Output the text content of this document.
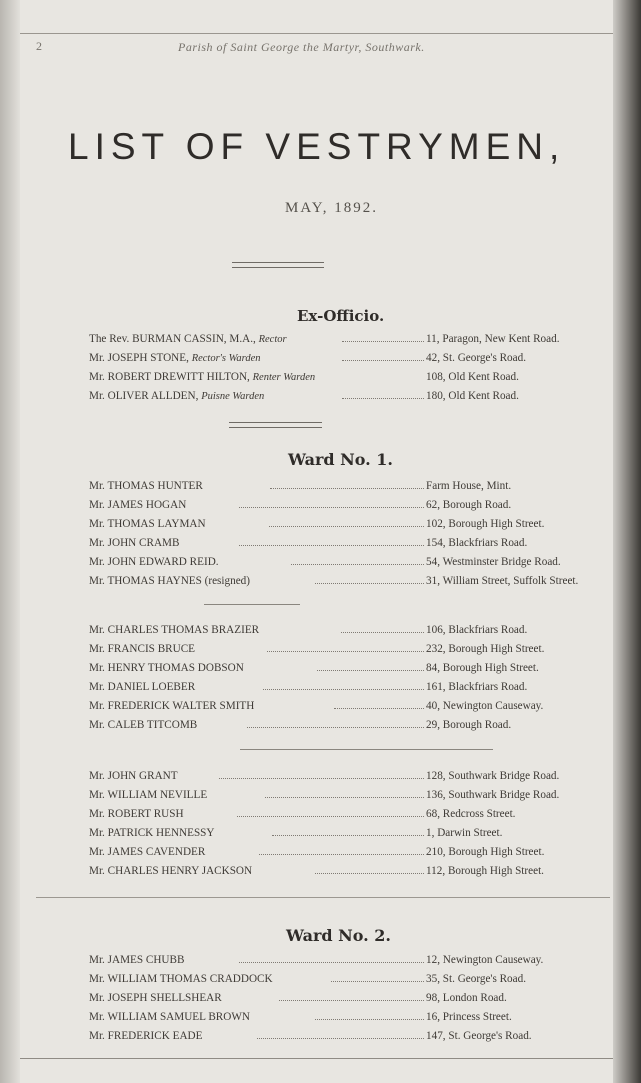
2	Parish of Saint George the Martyr, Southwark.
LIST OF VESTRYMEN,
MAY, 1892.
Ex-Officio.
The Rev. BURMAN CASSIN, M.A., Rector	11, Paragon, New Kent Road.
Mr. JOSEPH STONE, Rector's Warden	42, St. George's Road.
Mr. ROBERT DREWITT HILTON, Renter Warden	108, Old Kent Road.
Mr. OLIVER ALLDEN, Puisne Warden	180, Old Kent Road.
Ward No. 1.
Mr. THOMAS HUNTER	Farm House, Mint.
Mr. JAMES HOGAN	62, Borough Road.
Mr. THOMAS LAYMAN	102, Borough High Street.
Mr. JOHN CRAMB	154, Blackfriars Road.
Mr. JOHN EDWARD REID.	54, Westminster Bridge Road.
Mr. THOMAS HAYNES (resigned)	31, William Street, Suffolk Street.
Mr. CHARLES THOMAS BRAZIER	106, Blackfriars Road.
Mr. FRANCIS BRUCE	232, Borough High Street.
Mr. HENRY THOMAS DOBSON	84, Borough High Street.
Mr. DANIEL LOEBER	161, Blackfriars Road.
Mr. FREDERICK WALTER SMITH	40, Newington Causeway.
Mr. CALEB TITCOMB	29, Borough Road.
Mr. JOHN GRANT	128, Southwark Bridge Road.
Mr. WILLIAM NEVILLE	136, Southwark Bridge Road.
Mr. ROBERT RUSH	68, Redcross Street.
Mr. PATRICK HENNESSY	1, Darwin Street.
Mr. JAMES CAVENDER	210, Borough High Street.
Mr. CHARLES HENRY JACKSON	112, Borough High Street.
Ward No. 2.
Mr. JAMES CHUBB	12, Newington Causeway.
Mr. WILLIAM THOMAS CRADDOCK	35, St. George's Road.
Mr. JOSEPH SHELLSHEAR	98, London Road.
Mr. WILLIAM SAMUEL BROWN	16, Princess Street.
Mr. FREDERICK EADE	147, St. George's Road.
